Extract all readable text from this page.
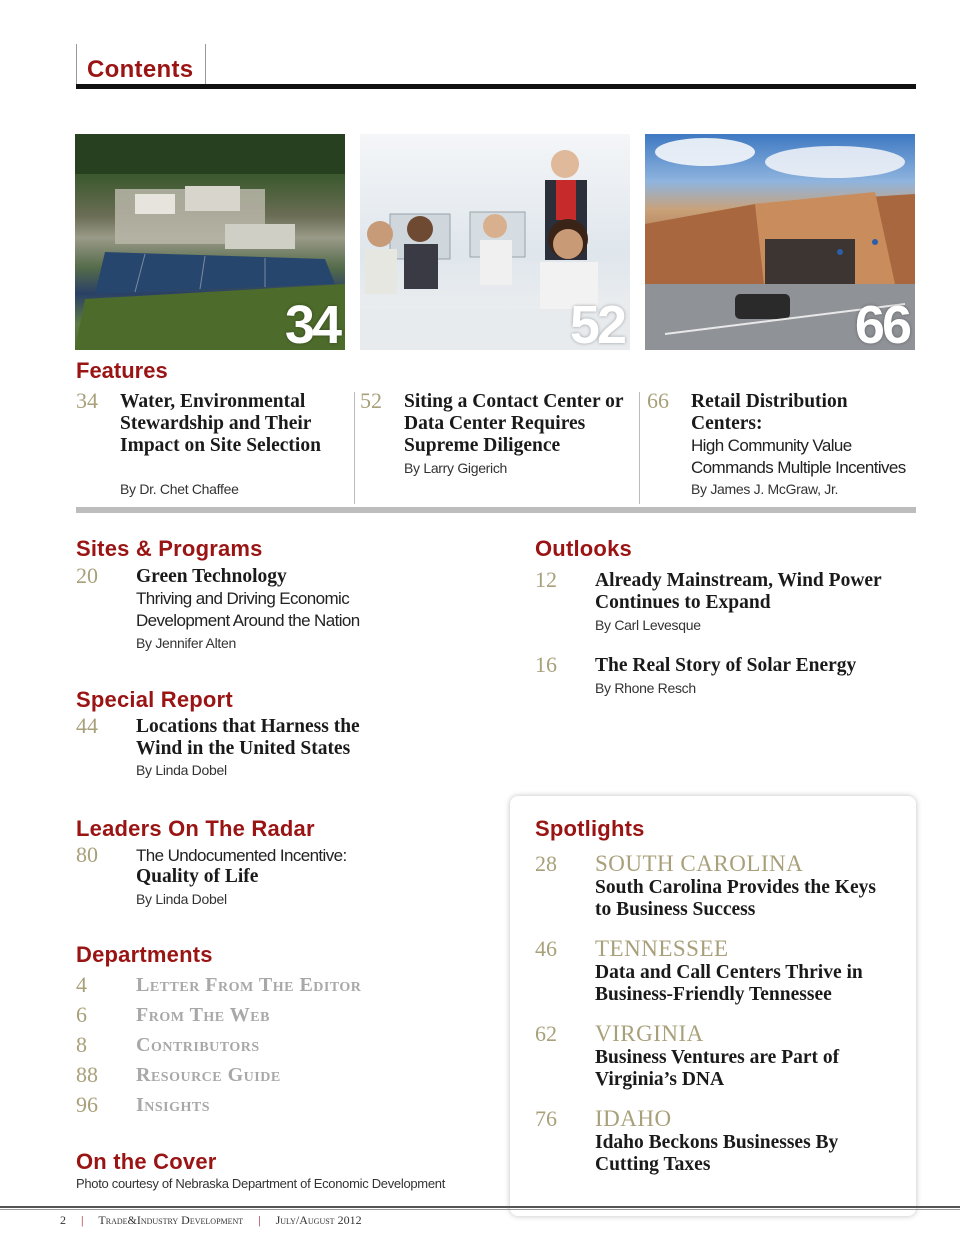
Contents
34	52	66
Features
34 Water, Environmental Stewardship and Their Impact on Site Selection
By Dr. Chet Chaffee
52 Siting a Contact Center or Data Center Requires Supreme Diligence
By Larry Gigerich
66 Retail Distribution Centers:
High Community Value Commands Multiple Incentives
By James J. McGraw, Jr.
Sites & Programs
20 Green Technology
Thriving and Driving Economic Development Around the Nation
By Jennifer Alten
Special Report
44 Locations that Harness the Wind in the United States
By Linda Dobel
Leaders On The Radar
80 The Undocumented Incentive:
Quality of Life
By Linda Dobel
Departments
4 Letter From The Editor
6 From The Web
8 Contributors
88 Resource Guide
96 Insights
On the Cover
Photo courtesy of Nebraska Department of Economic Development
Outlooks
12 Already Mainstream, Wind Power Continues to Expand
By Carl Levesque
16 The Real Story of Solar Energy
By Rhone Resch
Spotlights
28 SOUTH CAROLINA
South Carolina Provides the Keys to Business Success
46 TENNESSEE
Data and Call Centers Thrive in Business-Friendly Tennessee
62 VIRGINIA
Business Ventures are Part of Virginia’s DNA
76 IDAHO
Idaho Beckons Businesses By Cutting Taxes
2 | Trade&Industry Development | July/August 2012
